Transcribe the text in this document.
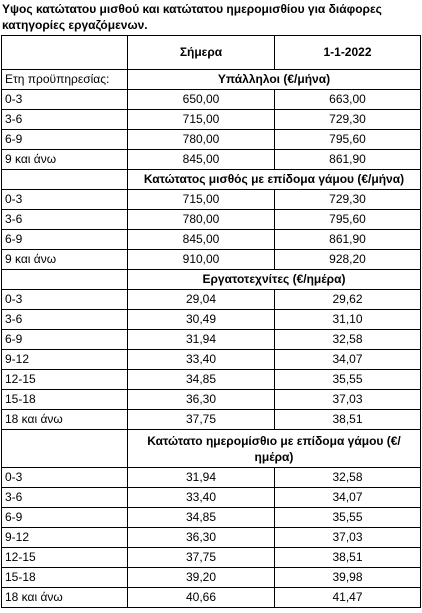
Υψος κατώτατου μισθού και κατώτατου ημερομισθίου για διάφορες κατηγορίες εργαζόμενων.
	Σήμερα	1-1-2022
Ετη προϋπηρεσίας:	Υπάλληλοι (€/μήνα)	
0-3	650,00	663,00
3-6	715,00	729,30
6-9	780,00	795,60
9 και άνω	845,00	861,90
	Κατώτατος μισθός με επίδομα γάμου (€/μήνα)	
0-3	715,00	729,30
3-6	780,00	795,60
6-9	845,00	861,90
9 και άνω	910,00	928,20
	Εργατοτεχνίτες (€/ημέρα)	
0-3	29,04	29,62
3-6	30,49	31,10
6-9	31,94	32,58
9-12	33,40	34,07
12-15	34,85	35,55
15-18	36,30	37,03
18 και άνω	37,75	38,51
	Κατώτατο ημερομίσθιο με επίδομα γάμου (€/ ημέρα)	
0-3	31,94	32,58
3-6	33,40	34,07
6-9	34,85	35,55
9-12	36,30	37,03
12-15	37,75	38,51
15-18	39,20	39,98
18 και άνω	40,66	41,47
